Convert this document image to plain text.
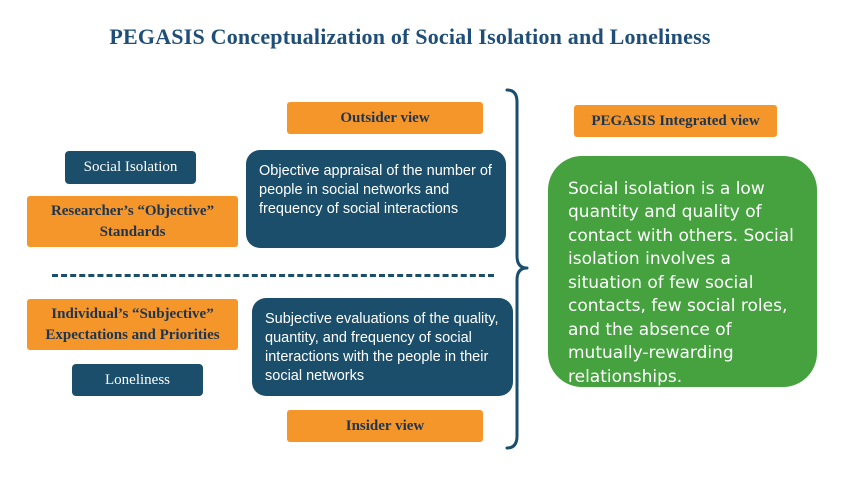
PEGASIS Conceptualization of Social Isolation and Loneliness
Outsider view
Social Isolation
Researcher’s “Objective” Standards
Objective appraisal of the number of people in social networks and frequency of social interactions
Individual’s “Subjective” Expectations and Priorities
Loneliness
Subjective evaluations of the quality, quantity, and frequency of social interactions with the people in their social networks
Insider view
PEGASIS Integrated view
Social isolation is a low quantity and quality of contact with others. Social isolation involves a situation of few social contacts, few social roles, and the absence of mutually-rewarding relationships.
